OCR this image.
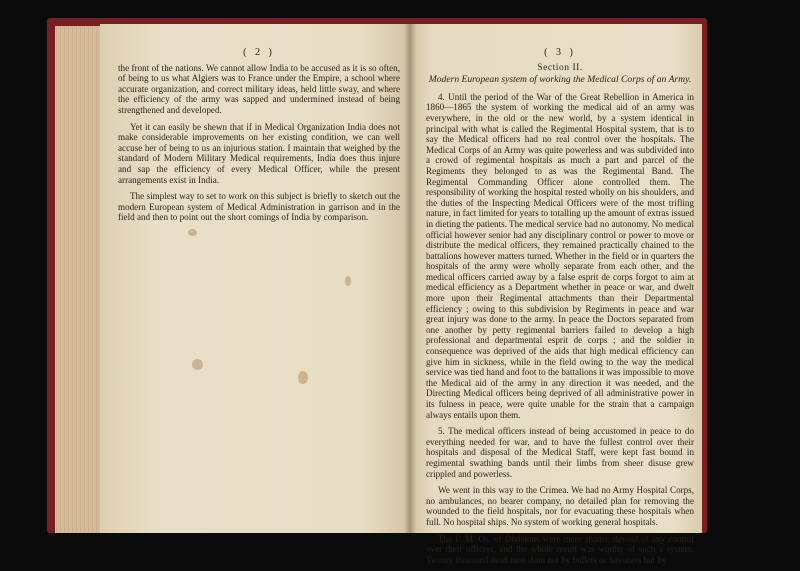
( 2 )

the front of the nations. We cannot allow India to be accused as it is so often, of being to us what Algiers was to France under the Empire, a school where accurate organization, and correct military ideas, held little sway, and where the efficiency of the army was sapped and undermined instead of being strengthened and developed.

Yet it can easily be shewn that if in Medical Organization India does not make considerable improvements on her existing condition, we can well accuse her of being to us an injurious station. I maintain that weighed by the standard of Modern Military Medical requirements, India does thus injure and sap the efficiency of every Medical Officer, while the present arrangements exist in India.

The simplest way to set to work on this subject is briefly to sketch out the modern European system of Medical Administration in garrison and in the field and then to point out the short comings of India by comparison.

( 3 )
Section II.
Modern European system of working the Medical Corps of an Army.

4. Until the period of the War of the Great Rebellion in America in 1860—1865 the system of working the medical aid of an army was everywhere, in the old or the new world, by a system identical in principal with what is called the Regimental Hospital system, that is to say the Medical officers had no real control over the hospitals. The Medical Corps of an Army was quite powerless and was subdivided into a crowd of regimental hospitals as much a part and parcel of the Regiments they belonged to as was the Regimental Band. The Regimental Commanding Officer alone controlled them. The responsibility of working the hospital rested wholly on his shoulders, and the duties of the Inspecting Medical Officers were of the most trifling nature, in fact limited for years to totalling up the amount of extras issued in dieting the patients. The medical service had no autonomy. No medical official however senior had any disciplinary control or power to move or distribute the medical officers, they remained practically chained to the battalions however matters turned. Whether in the field or in quarters the hospitals of the army were wholly separate from each other, and the medical officers carried away by a false esprit de corps forgot to aim at medical efficiency as a Department whether in peace or war, and dwelt more upon their Regimental attachments than their Departmental efficiency ; owing to this subdivision by Regiments in peace and war great injury was done to the army. In peace the Doctors separated from one another by petty regimental barriers failed to develop a high professional and departmental esprit de corps ; and the soldier in consequence was deprived of the aids that high medical efficiency can give him in sickness, while in the field owing to the way the medical service was tied hand and foot to the battalions it was impossible to move the Medical aid of the army in any direction it was needed, and the Directing Medical officers being deprived of all administrative power in its fulness in peace, were quite unable for the strain that a campaign always entails upon them.

5. The medical officers instead of being accustomed in peace to do everything needed for war, and to have the fullest control over their hospitals and disposal of the Medical Staff, were kept fast bound in regimental swathing bands until their limbs from sheer disuse grew crippled and powerless.

We went in this way to the Crimea. We had no Army Hospital Corps, no ambulances, no bearer company, no detailed plan for removing the wounded to the field hospitals, nor for evacuating these hospitals when full. No hospital ships. No system of working general hospitals.

The P. M. Os. of Divisions were mere shams, devoid of any control over their officers, and the whole result was worthy of such a system. Twenty thousand dead men slain not by bullets or bayonets but by
